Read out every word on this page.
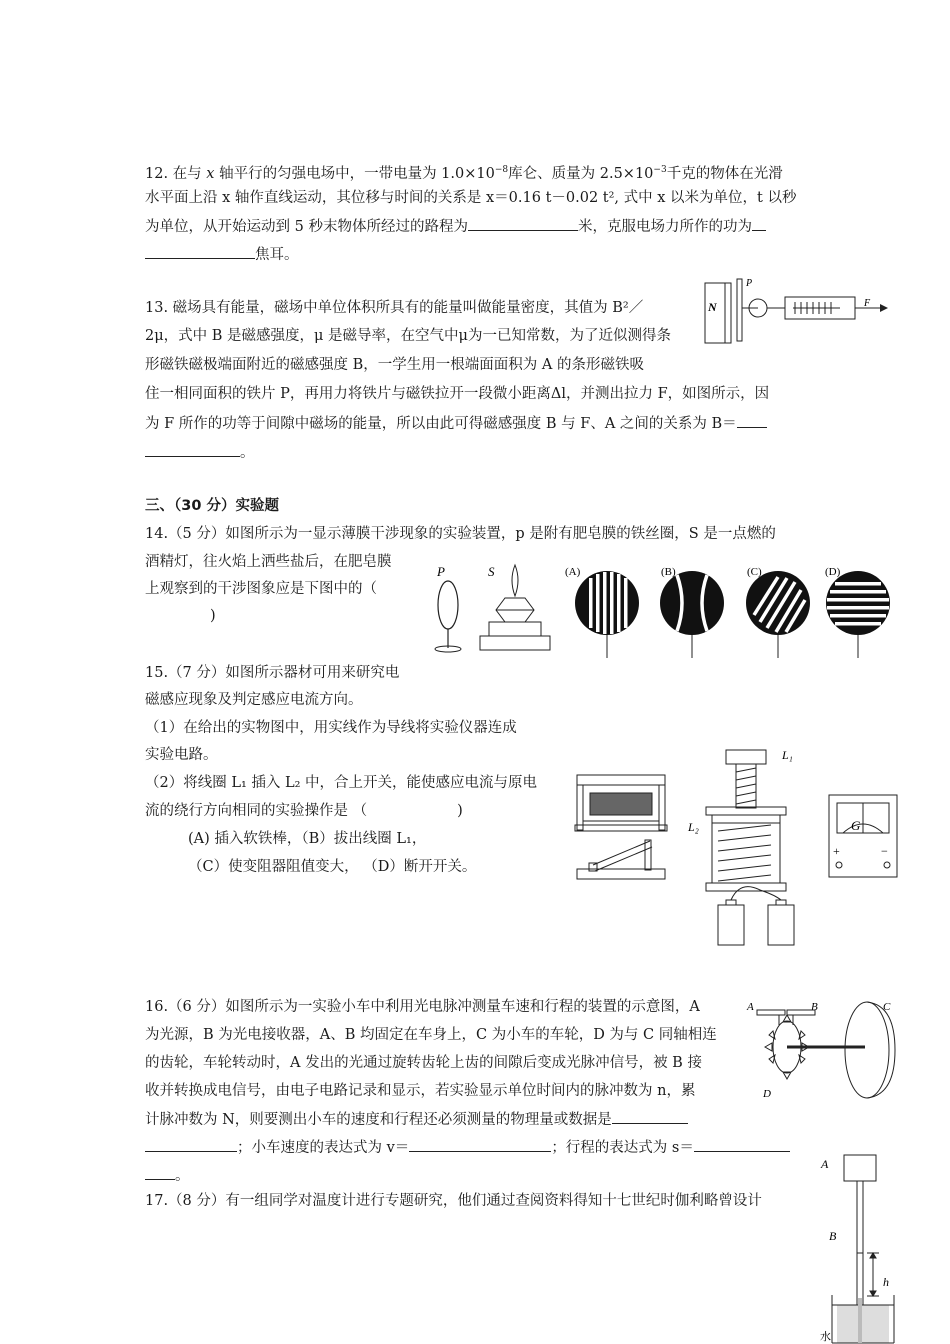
12. 在与 x 轴平行的匀强电场中，一带电量为 $1.0\times 10^{-8}$库仑、质量为 $2.5\times 10^{-3}$千克的物体在光滑
水平面上沿 x 轴作直线运动，其位移与时间的关系是 x＝0.16 t－0.02 t², 式中 x 以米为单位，t 以秒
为单位，从开始运动到 5 秒末物体所经过的路程为	米，克服电场力所作的功为
焦耳。
13. 磁场具有能量，磁场中单位体积所具有的能量叫做能量密度，其值为 B²／
2μ，式中 B 是磁感强度，μ 是磁导率，在空气中μ为一已知常数，为了近似测得条
形磁铁磁极端面附近的磁感强度 B，一学生用一根端面面积为 A 的条形磁铁吸
住一相同面积的铁片 P，再用力将铁片与磁铁拉开一段微小距离Δl，并测出拉力 F，如图所示，因
为 F 所作的功等于间隙中磁场的能量，所以由此可得磁感强度 B 与 F、A 之间的关系为 B＝
。
N
P
F
三、（30 分）实验题
14.（5 分）如图所示为一显示薄膜干涉现象的实验装置，p 是附有肥皂膜的铁丝圈，S 是一点燃的
酒精灯，往火焰上洒些盐后，在肥皂膜
上观察到的干涉图象应是下图中的（
)
P	S	(A)	(B)	(C)	(D)
15.（7 分）如图所示器材可用来研究电
磁感应现象及判定感应电流方向。
（1）在给出的实物图中，用实线作为导线将实验仪器连成
实验电路。
（2）将线圈 L₁ 插入 L₂ 中，合上开关，能使感应电流与原电
流的绕行方向相同的实验操作是 （	)
(A) 插入软铁棒，（B）拔出线圈 L₁，
（C）使变阻器阻值变大， （D）断开开关。
L₁
L₂	G
+	−
16.（6 分）如图所示为一实验小车中利用光电脉冲测量车速和行程的装置的示意图，A
为光源，B 为光电接收器，A、B 均固定在车身上，C 为小车的车轮，D 为与 C 同轴相连
的齿轮，车轮转动时，A 发出的光通过旋转齿轮上齿的间隙后变成光脉冲信号，被 B 接
收并转换成电信号，由电子电路记录和显示，若实验显示单位时间内的脉冲数为 n，累
计脉冲数为 N，则要测出小车的速度和行程还必须测量的物理量或数据是
；小车速度的表达式为 v＝	；行程的表达式为 s＝
。
A	B	C
D
17.（8 分）有一组同学对温度计进行专题研究，他们通过查阅资料得知十七世纪时伽利略曾设计
A
B
h
水
